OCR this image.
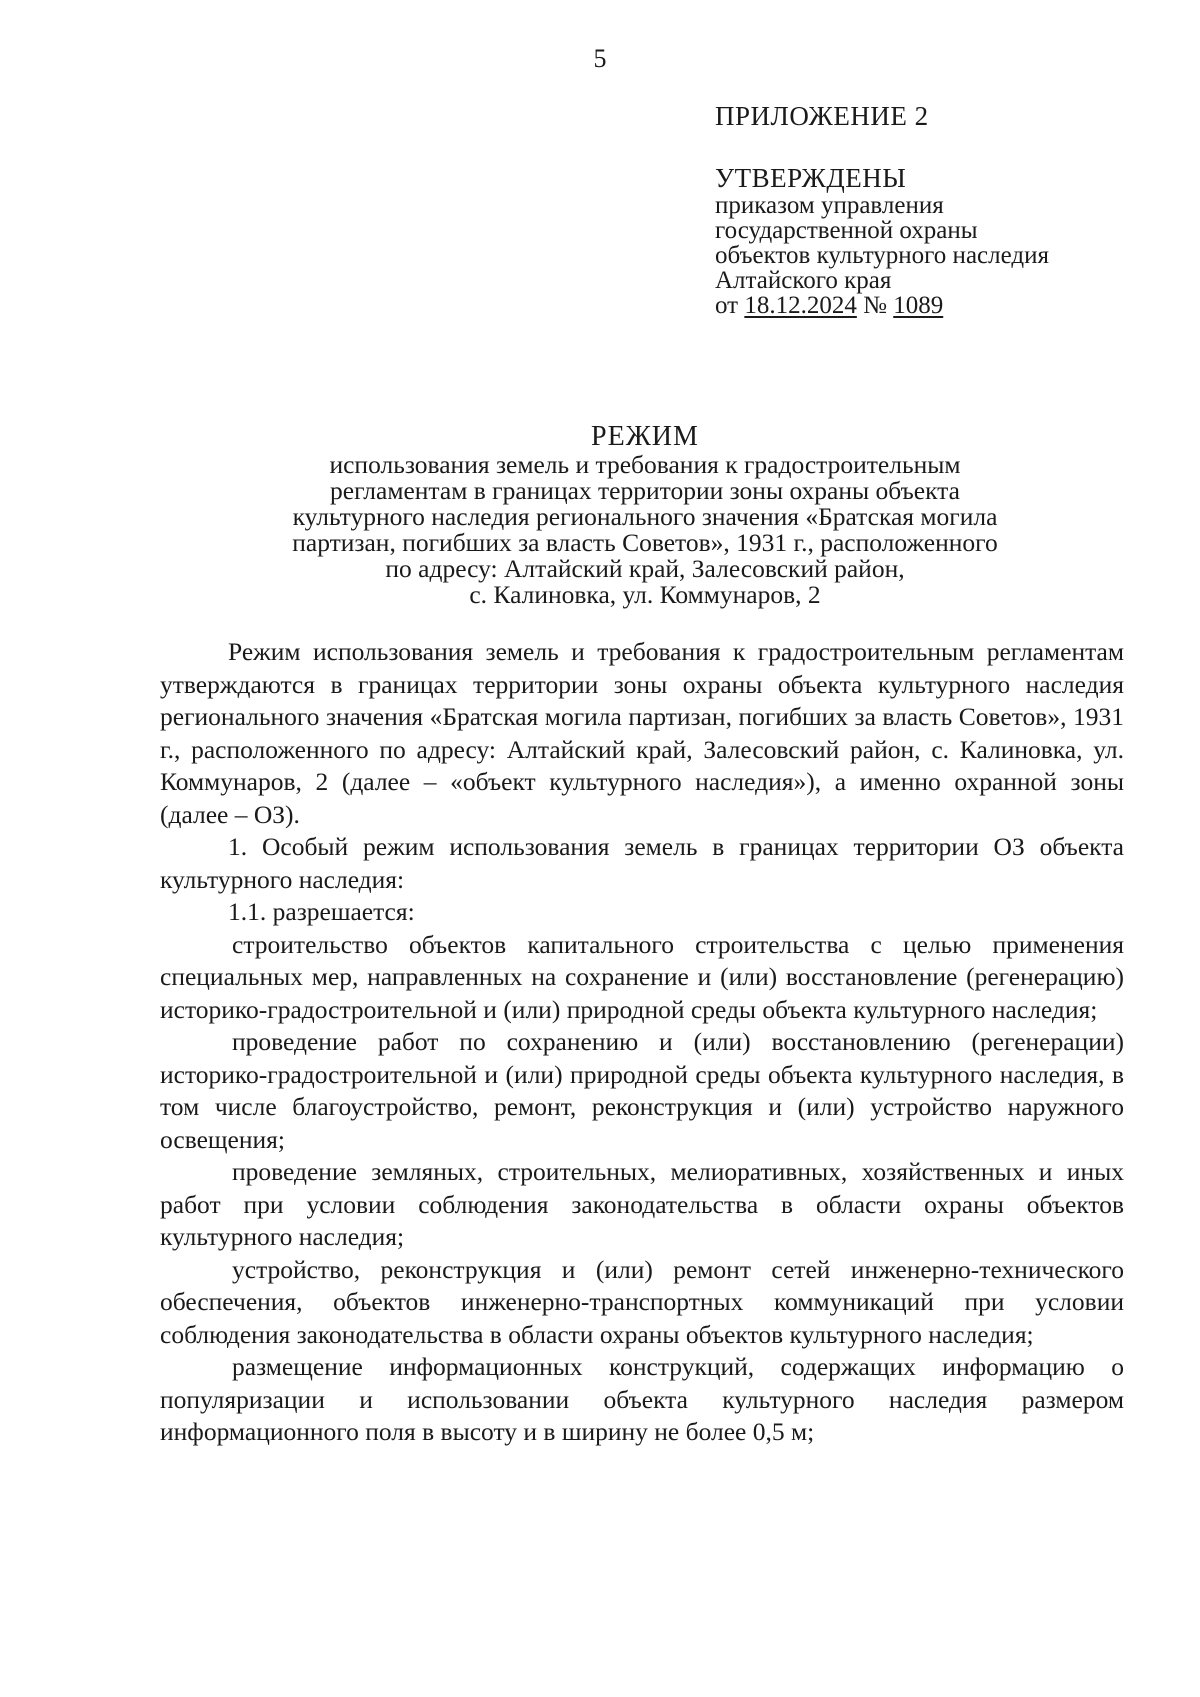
5
ПРИЛОЖЕНИЕ 2
УТВЕРЖДЕНЫ
приказом управления
государственной охраны
объектов культурного наследия
Алтайского края
от 18.12.2024 № 1089
РЕЖИМ
использования земель и требования к градостроительным
регламентам в границах территории зоны охраны объекта
культурного наследия регионального значения «Братская могила
партизан, погибших за власть Советов», 1931 г., расположенного
по адресу: Алтайский край, Залесовский район,
с. Калиновка, ул. Коммунаров, 2

Режим использования земель и требования к градостроительным регламентам утверждаются в границах территории зоны охраны объекта культурного наследия регионального значения «Братская могила партизан, погибших за власть Советов», 1931 г., расположенного по адресу: Алтайский край, Залесовский район, с. Калиновка, ул. Коммунаров, 2 (далее – «объект культурного наследия»), а именно охранной зоны (далее – ОЗ).

1. Особый режим использования земель в границах территории ОЗ объекта культурного наследия:

1.1. разрешается:

строительство объектов капитального строительства с целью применения специальных мер, направленных на сохранение и (или) восстановление (регенерацию) историко-градостроительной и (или) природной среды объекта культурного наследия;

проведение работ по сохранению и (или) восстановлению (регенерации) историко-градостроительной и (или) природной среды объекта культурного наследия, в том числе благоустройство, ремонт, реконструкция и (или) устройство наружного освещения;

проведение земляных, строительных, мелиоративных, хозяйственных и иных работ при условии соблюдения законодательства в области охраны объектов культурного наследия;

устройство, реконструкция и (или) ремонт сетей инженерно-технического обеспечения, объектов инженерно-транспортных коммуникаций при условии соблюдения законодательства в области охраны объектов культурного наследия;

размещение информационных конструкций, содержащих информацию о популяризации и использовании объекта культурного наследия размером информационного поля в высоту и в ширину не более 0,5 м;
